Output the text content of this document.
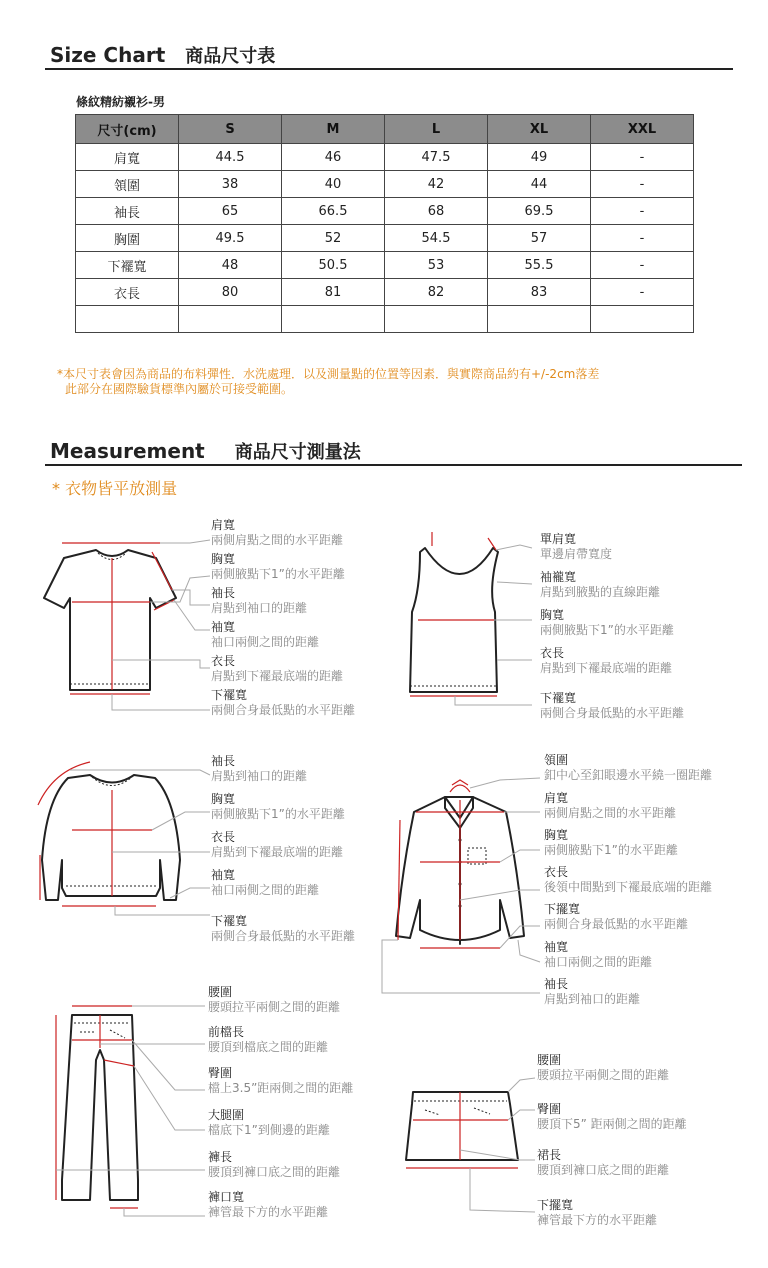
Size Chart 商品尺寸表
條紋精紡襯衫-男
尺寸(cm)	S	M	L	XL	XXL
肩寬	44.5	46	47.5	49	-
領圍	38	40	42	44	-
袖長	65	66.5	68	69.5	-
胸圍	49.5	52	54.5	57	-
下襬寬	48	50.5	53	55.5	-
衣長	80	81	82	83	-

*本尺寸表會因為商品的布料彈性．水洗處理．以及測量點的位置等因素．與實際商品約有+/-2cm落差
此部分在國際驗貨標準內屬於可接受範圍。
Measurement 商品尺寸測量法
* 衣物皆平放測量
肩寬
兩側肩點之間的水平距離
胸寬
兩側腋點下1”的水平距離
袖長
肩點到袖口的距離
袖寬
袖口兩側之間的距離
衣長
肩點到下襬最底端的距離
下襬寬
兩側合身最低點的水平距離
單肩寬
單邊肩帶寬度
袖襱寬
肩點到腋點的直線距離
胸寬
兩側腋點下1”的水平距離
衣長
肩點到下襬最底端的距離
下襬寬
兩側合身最低點的水平距離
袖長
肩點到袖口的距離
胸寬
兩側腋點下1”的水平距離
衣長
肩點到下襬最底端的距離
袖寬
袖口兩側之間的距離
下襬寬
兩側合身最低點的水平距離
領圍
釦中心至釦眼邊水平繞一圈距離
肩寬
兩側肩點之間的水平距離
胸寬
兩側腋點下1”的水平距離
衣長
後領中間點到下襬最底端的距離
下擺寬
兩側合身最低點的水平距離
袖寬
袖口兩側之間的距離
袖長
肩點到袖口的距離
腰圍
腰頭拉平兩側之間的距離
前檔長
腰頂到檔底之間的距離
臀圍
檔上3.5”距兩側之間的距離
大腿圍
檔底下1”到側邊的距離
褲長
腰頂到褲口底之間的距離
褲口寬
褲管最下方的水平距離
腰圍
腰頭拉平兩側之間的距離
臀圍
腰頂下5” 距兩側之間的距離
裙長
腰頂到褲口底之間的距離
下擺寬
褲管最下方的水平距離
